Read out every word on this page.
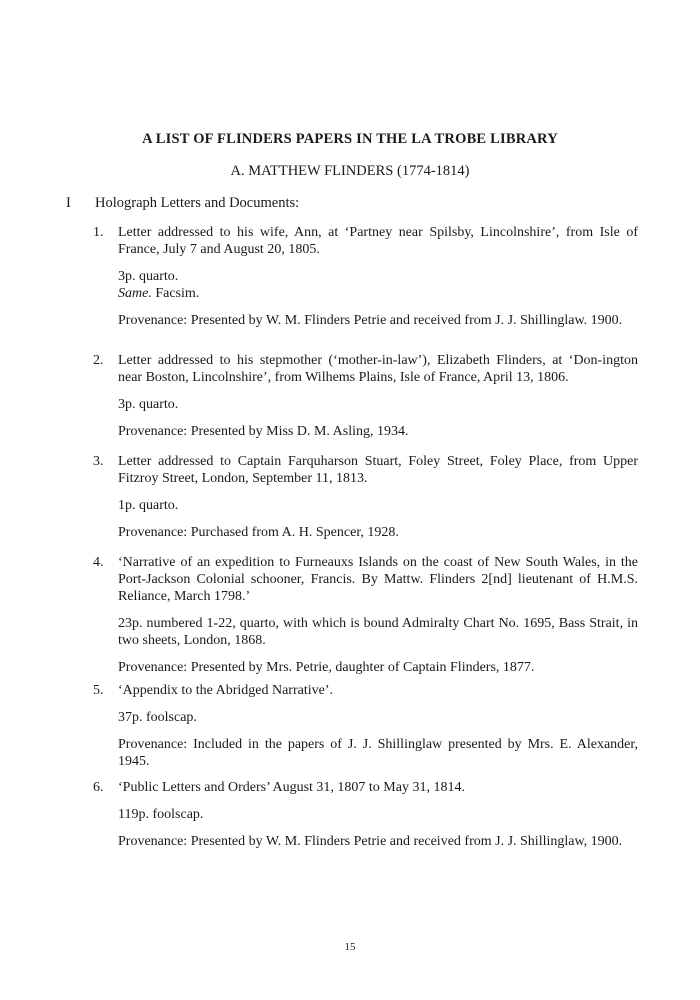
A LIST OF FLINDERS PAPERS IN THE LA TROBE LIBRARY
A. MATTHEW FLINDERS (1774-1814)
I Holograph Letters and Documents:
1.	Letter addressed to his wife, Ann, at ‘Partney near Spilsby, Lincolnshire’, from Isle of France, July 7 and August 20, 1805.
3p. quarto.
Same. Facsim.
Provenance: Presented by W. M. Flinders Petrie and received from J. J. Shillinglaw. 1900.
2.	Letter addressed to his stepmother (‘mother-in-law’), Elizabeth Flinders, at ‘Don-ington near Boston, Lincolnshire’, from Wilhems Plains, Isle of France, April 13, 1806.
3p. quarto.
Provenance: Presented by Miss D. M. Asling, 1934.
3.	Letter addressed to Captain Farquharson Stuart, Foley Street, Foley Place, from Upper Fitzroy Street, London, September 11, 1813.
1p. quarto.
Provenance: Purchased from A. H. Spencer, 1928.
4.	‘Narrative of an expedition to Furneauxs Islands on the coast of New South Wales, in the Port-Jackson Colonial schooner, Francis. By Mattw. Flinders 2[nd] lieutenant of H.M.S. Reliance, March 1798.’
23p. numbered 1-22, quarto, with which is bound Admiralty Chart No. 1695, Bass Strait, in two sheets, London, 1868.
Provenance: Presented by Mrs. Petrie, daughter of Captain Flinders, 1877.
5.	‘Appendix to the Abridged Narrative’.
37p. foolscap.
Provenance: Included in the papers of J. J. Shillinglaw presented by Mrs. E. Alexander, 1945.
6.	‘Public Letters and Orders’ August 31, 1807 to May 31, 1814.
119p. foolscap.
Provenance: Presented by W. M. Flinders Petrie and received from J. J. Shillinglaw, 1900.
15
